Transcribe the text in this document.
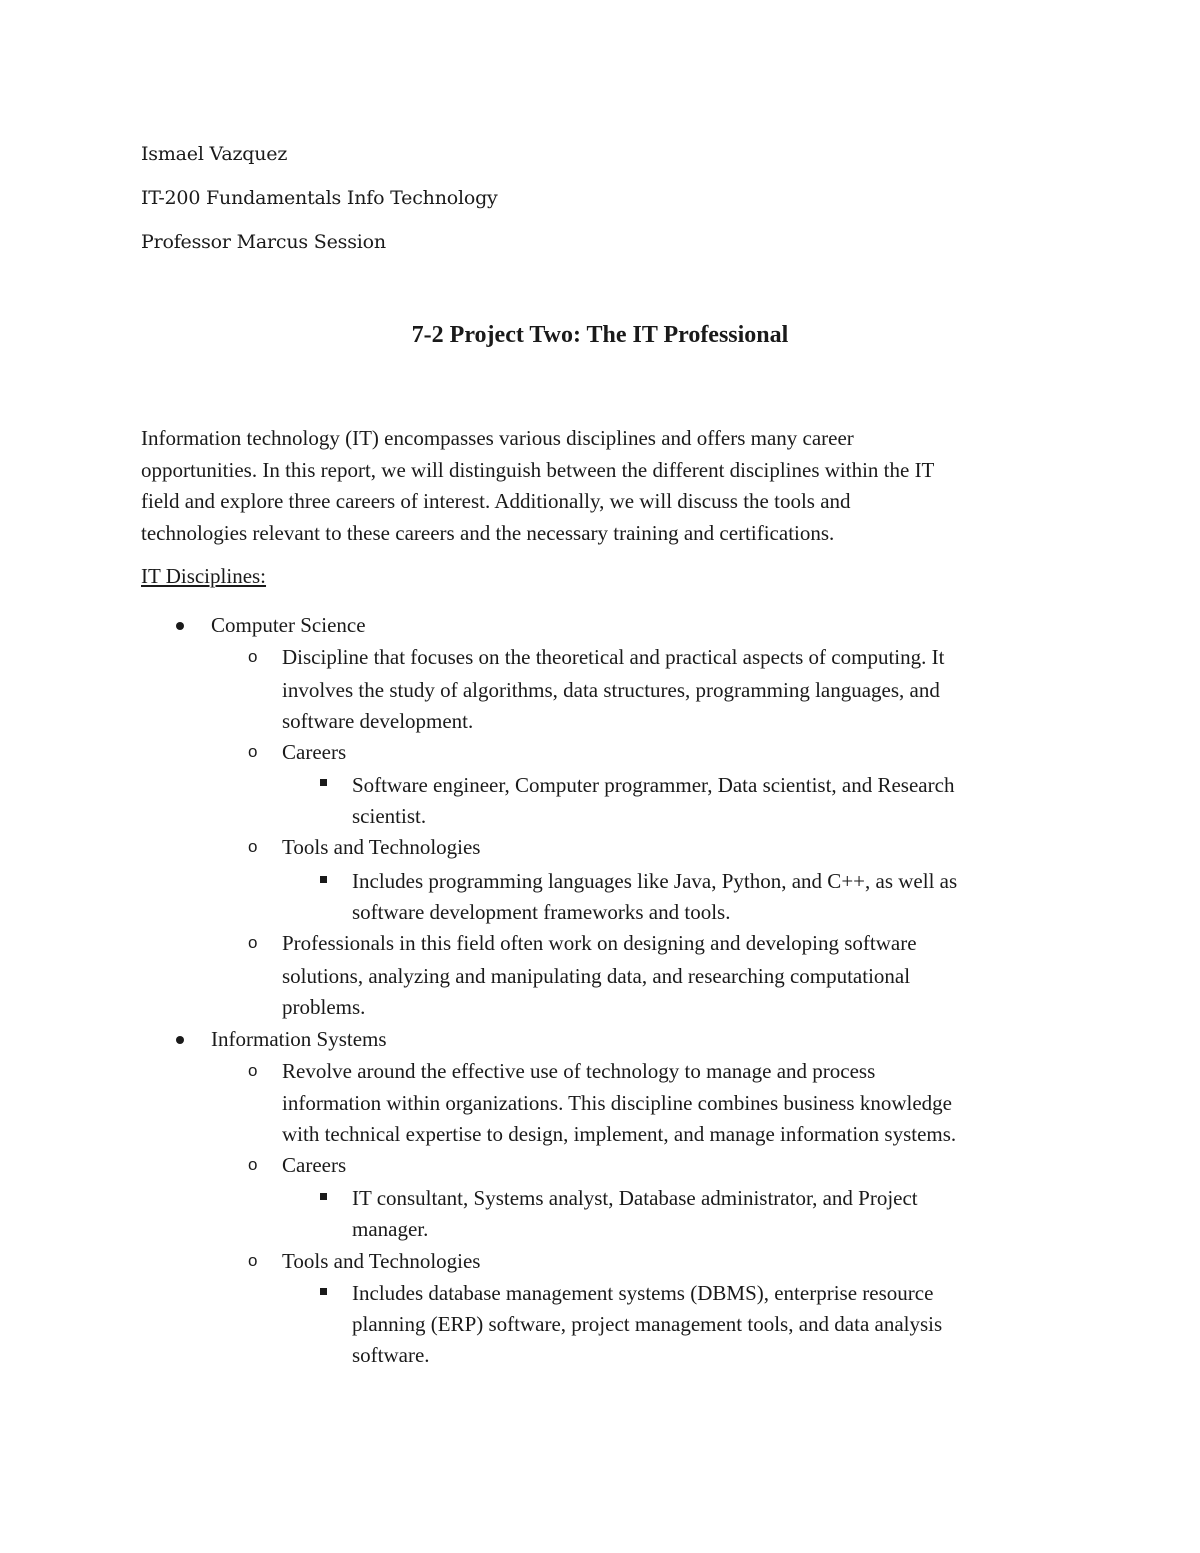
Ismael Vazquez
IT-200 Fundamentals Info Technology
Professor Marcus Session
7-2 Project Two: The IT Professional
Information technology (IT) encompasses various disciplines and offers many career
opportunities. In this report, we will distinguish between the different disciplines within the IT
field and explore three careers of interest. Additionally, we will discuss the tools and
technologies relevant to these careers and the necessary training and certifications.
IT Disciplines:
Computer Science
o Discipline that focuses on the theoretical and practical aspects of computing. It
involves the study of algorithms, data structures, programming languages, and
software development.
o Careers
Software engineer, Computer programmer, Data scientist, and Research
scientist.
o Tools and Technologies
Includes programming languages like Java, Python, and C++, as well as
software development frameworks and tools.
o Professionals in this field often work on designing and developing software
solutions, analyzing and manipulating data, and researching computational
problems.
Information Systems
o Revolve around the effective use of technology to manage and process
information within organizations. This discipline combines business knowledge
with technical expertise to design, implement, and manage information systems.
o Careers
IT consultant, Systems analyst, Database administrator, and Project
manager.
o Tools and Technologies
Includes database management systems (DBMS), enterprise resource
planning (ERP) software, project management tools, and data analysis
software.
